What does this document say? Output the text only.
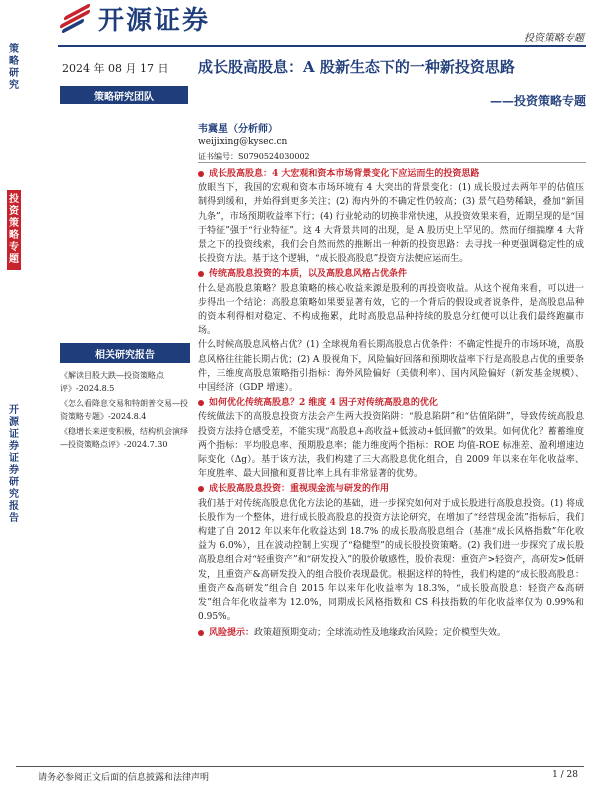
开源证券
投资策略专题
策略研究
投资策略专题
开源证券 证券研究报告
2024 年 08 月 17 日
策略研究团队
成长股高股息：A 股新生态下的一种新投资思路
——投资策略专题
韦冀星（分析师）
weijixing@kysec.cn
证书编号：S0790524030002
相关研究报告

《解读目股大跌—投资策略点评》-2024.8.5

《怎么看降息交易和特朗普交易—投资策略专题》-2024.8.4

《稳增长来逆变积极，结构机会演绎—投资策略点评》-2024.7.30

成长股高股息：4 大宏观和资本市场背景变化下应运而生的投资思路

放眼当下，我国的宏观和资本市场环境有 4 大突出的背景变化：(1) 成长股过去两年平的估值压制得到缓和，并始得到更多关注；(2) 海内外的不确定性仍较高；(3) 景气趋势稀缺，叠加“新国九条”，市场预期收益率下行；(4) 行业轮动的切换非常快速，从投资效果来看，近期呈现的是“国于特征”强于“行业特征”。这 4 大背景共同的出现，是 A 股历史上罕见的。然而仔细揣摩 4 大背景之下的投资线索，我们会自然而然的推断出一种新的投资思路：去寻找一种更强调稳定性的成长投资方法。基于这个逻辑，“成长股高股息”投资方法便应运而生。

传统高股息投资的本质，以及高股息风格占优条件

什么是高股息策略？股息策略的核心收益来源是股利的再投资收益。从这个视角来看，可以进一步得出一个结论：高股息策略如果要显著有效，它的一个背后的假设或者说条件，是高股息品种的资本利得相对稳定、不构成拖累，此时高股息品种持续的股息分红便可以让我们最终跑赢市场。

什么时候高股息风格占优？(1) 全球视角看长期高股息占优条件：不确定性提升的市场环境，高股息风格往往能长期占优；(2) A 股视角下，风险偏好回落和预期收益率下行是高股息占优的重要条件，三维度高股息策略指引指标：海外风险偏好（美债利率）、国内风险偏好（新发基金规模）、中国经济（GDP 增速）。

如何优化传统高股息？2 维度 4 因子对传统高股息的优化

传统做法下的高股息投资方法会产生两大投资陷阱：“股息陷阱”和“估值陷阱”，导致传统高股息投资方法持仓感受差，不能实现“高股息+高收益+低波动+低回撤”的效果。如何优化？蓄蓄维度两个指标：平均股息率、预期股息率；能力维度两个指标：ROE 均值-ROE 标准差、盈利增速边际变化（Δg）。基于该方法，我们构建了三大高股息优化组合，自 2009 年以来在年化收益率、年度胜率、最大回撤和夏普比率上具有非常显著的优势。

成长股高股息投资：重视现金流与研发的作用

我们基于对传统高股息优化方法论的基础，进一步探究如何对于成长股进行高股息投资。(1) 将成长股作为一个整体，进行成长股高股息的投资方法论研究，在增加了“经营现金流”指标后，我们构建了自 2012 年以来年化收益达到 18.7% 的成长股高股息组合（基准“成长风格指数”年化收益为 6.0%），且在波动控制上实现了“稳健型”的成长股投资策略。(2) 我们进一步探究了成长股高股息组合对“轻重资产”和“研发投入”的股价敏感性，股价表现：重资产>轻资产，高研发>低研发，且重资产&高研发投入的组合股价表现最优。根据这样的特性，我们构建的“成长股高股息：重资产&高研发”组合自 2015 年以来年化收益率为 18.3%，“成长股高股息：轻资产&高研发”组合年化收益率为 12.0%，同期成长风格指数和 CS 科技指数的年化收益率仅为 0.99%和 0.95%。

风险提示： 政策超预期变动；全球流动性及地缘政治风险；定价模型失效。
请务必参阅正文后面的信息披露和法律声明	1 / 28
